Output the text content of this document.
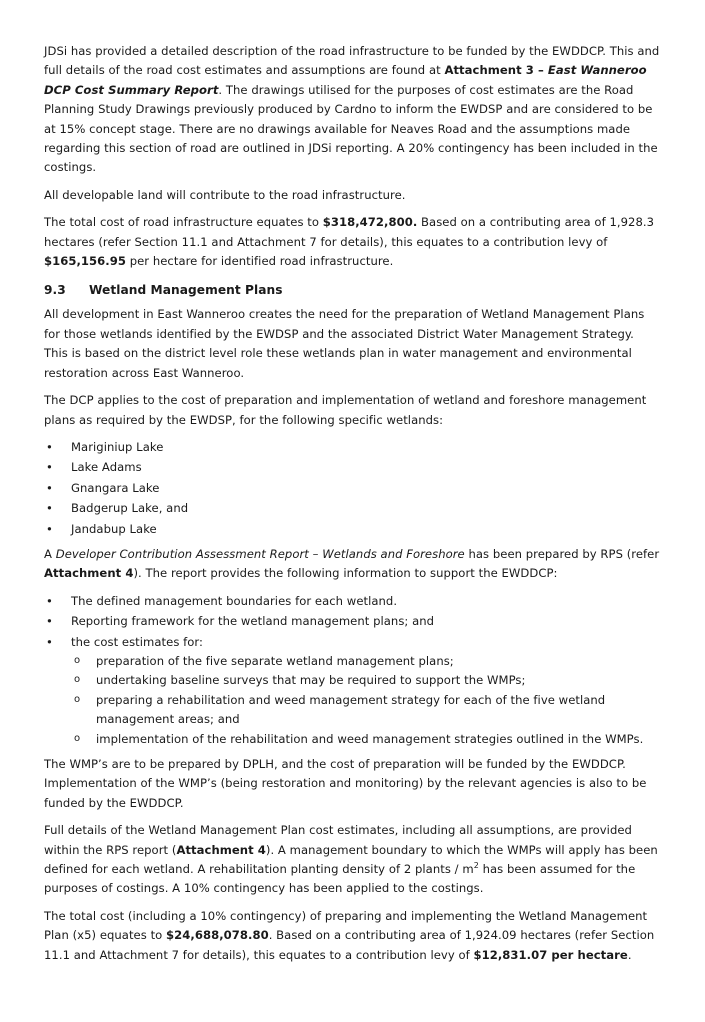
JDSi has provided a detailed description of the road infrastructure to be funded by the EWDDCP. This and full details of the road cost estimates and assumptions are found at Attachment 3 – East Wanneroo DCP Cost Summary Report. The drawings utilised for the purposes of cost estimates are the Road Planning Study Drawings previously produced by Cardno to inform the EWDSP and are considered to be at 15% concept stage. There are no drawings available for Neaves Road and the assumptions made regarding this section of road are outlined in JDSi reporting. A 20% contingency has been included in the costings.

All developable land will contribute to the road infrastructure.

The total cost of road infrastructure equates to $318,472,800. Based on a contributing area of 1,928.3 hectares (refer Section 11.1 and Attachment 7 for details), this equates to a contribution levy of $165,156.95 per hectare for identified road infrastructure.

9.3	Wetland Management Plans

All development in East Wanneroo creates the need for the preparation of Wetland Management Plans for those wetlands identified by the EWDSP and the associated District Water Management Strategy. This is based on the district level role these wetlands plan in water management and environmental restoration across East Wanneroo.

The DCP applies to the cost of preparation and implementation of wetland and foreshore management plans as required by the EWDSP, for the following specific wetlands:

• Mariginiup Lake
• Lake Adams
• Gnangara Lake
• Badgerup Lake, and
• Jandabup Lake

A Developer Contribution Assessment Report – Wetlands and Foreshore has been prepared by RPS (refer Attachment 4). The report provides the following information to support the EWDDCP:

• The defined management boundaries for each wetland.
• Reporting framework for the wetland management plans; and
• the cost estimates for:
o preparation of the five separate wetland management plans;
o undertaking baseline surveys that may be required to support the WMPs;
o preparing a rehabilitation and weed management strategy for each of the five wetland management areas; and
o implementation of the rehabilitation and weed management strategies outlined in the WMPs.

The WMP’s are to be prepared by DPLH, and the cost of preparation will be funded by the EWDDCP. Implementation of the WMP’s (being restoration and monitoring) by the relevant agencies is also to be funded by the EWDDCP.

Full details of the Wetland Management Plan cost estimates, including all assumptions, are provided within the RPS report (Attachment 4). A management boundary to which the WMPs will apply has been defined for each wetland. A rehabilitation planting density of 2 plants / $m^2$ has been assumed for the purposes of costings. A 10% contingency has been applied to the costings.

The total cost (including a 10% contingency) of preparing and implementing the Wetland Management Plan (x5) equates to $24,688,078.80. Based on a contributing area of 1,924.09 hectares (refer Section 11.1 and Attachment 7 for details), this equates to a contribution levy of $12,831.07 per hectare.
